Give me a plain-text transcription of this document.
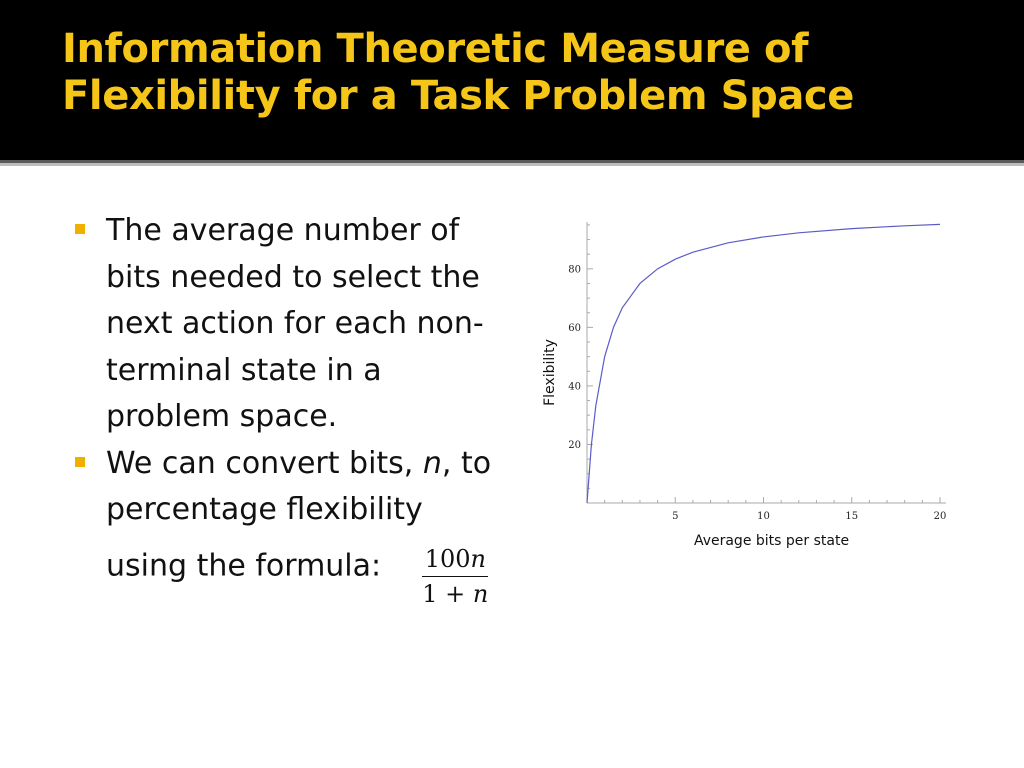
Information Theoretic Measure of Flexibility for a Task Problem Space
The average number of bits needed to select the next action for each non-terminal state in a problem space.
We can convert bits, n, to percentage flexibility using the formula: $\frac{100n}{1 + n}$
5	10	15	20
20
40
60
80
Average bits per state
Flexibility
